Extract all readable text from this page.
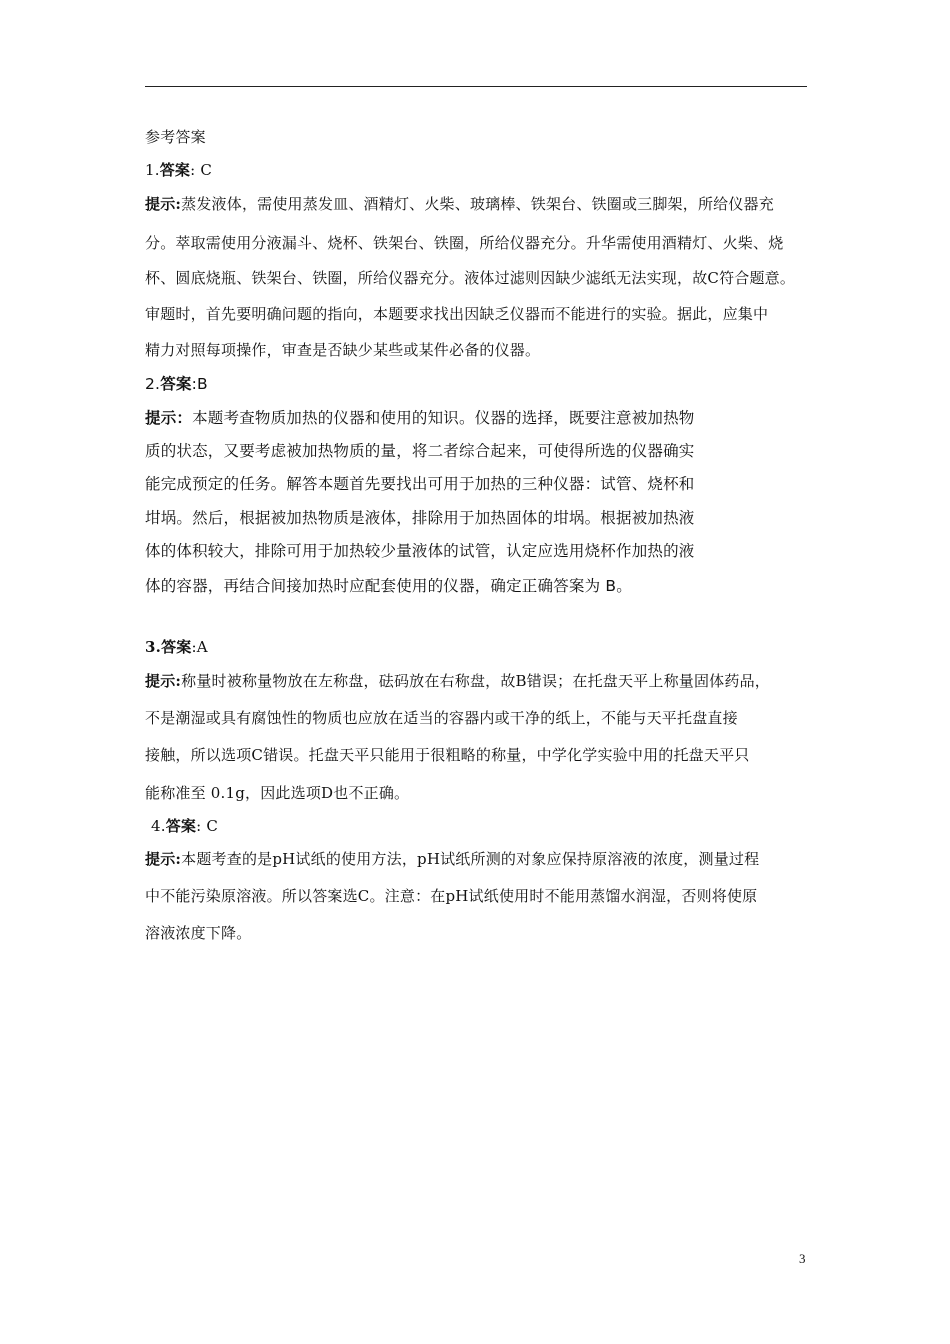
参考答案
1.答案: C
提示:蒸发液体，需使用蒸发皿、酒精灯、火柴、玻璃棒、铁架台、铁圈或三脚架，所给仪器充
分。萃取需使用分液漏斗、烧杯、铁架台、铁圈，所给仪器充分。升华需使用酒精灯、火柴、烧
杯、圆底烧瓶、铁架台、铁圈，所给仪器充分。液体过滤则因缺少滤纸无法实现，故C符合题意。
审题时，首先要明确问题的指向，本题要求找出因缺乏仪器而不能进行的实验。据此，应集中
精力对照每项操作，审查是否缺少某些或某件必备的仪器。
2.答案:B
提示：本题考查物质加热的仪器和使用的知识。仪器的选择，既要注意被加热物
质的状态，又要考虑被加热物质的量，将二者综合起来，可使得所选的仪器确实
能完成预定的任务。解答本题首先要找出可用于加热的三种仪器：试管、烧杯和
坩埚。然后，根据被加热物质是液体，排除用于加热固体的坩埚。根据被加热液
体的体积较大，排除可用于加热较少量液体的试管，认定应选用烧杯作加热的液
体的容器，再结合间接加热时应配套使用的仪器，确定正确答案为 B。
3.答案:A
提示:称量时被称量物放在左称盘，砝码放在右称盘，故B错误；在托盘天平上称量固体药品，
不是潮湿或具有腐蚀性的物质也应放在适当的容器内或干净的纸上，不能与天平托盘直接
接触，所以选项C错误。托盘天平只能用于很粗略的称量，中学化学实验中用的托盘天平只
能称准至 0.1g，因此选项D也不正确。
4.答案: C
提示:本题考查的是pH试纸的使用方法，pH试纸所测的对象应保持原溶液的浓度，测量过程
中不能污染原溶液。所以答案选C。注意：在pH试纸使用时不能用蒸馏水润湿，否则将使原
溶液浓度下降。
3
